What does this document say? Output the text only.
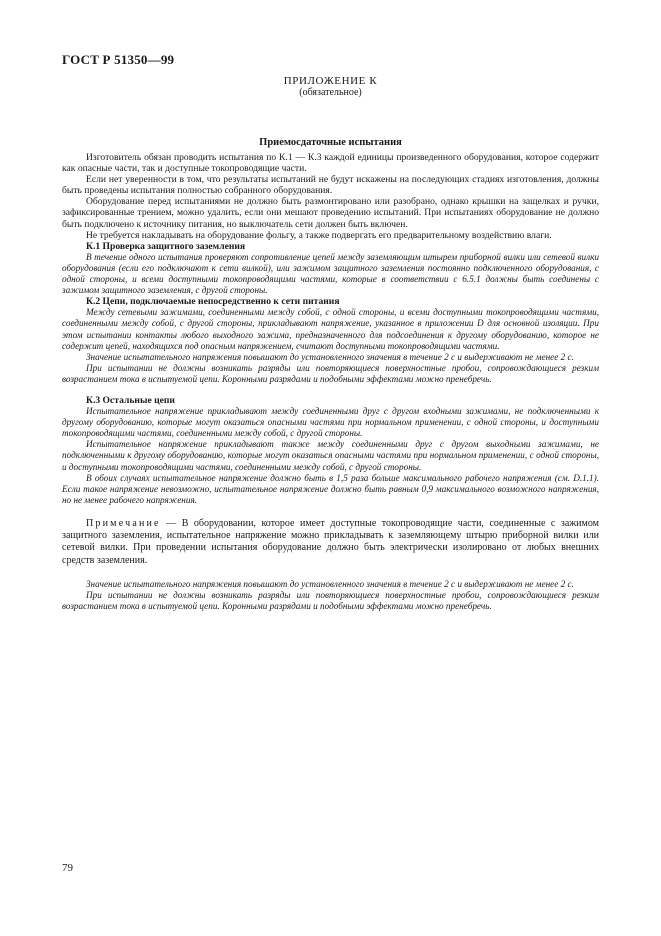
ГОСТ Р 51350—99
ПРИЛОЖЕНИЕ К
(обязательное)
Приемосдаточные испытания

Изготовитель обязан проводить испытания по К.1 — К.3 каждой единицы произведенного оборудования, которое содержит как опасные части, так и доступные токопроводящие части.

Если нет уверенности в том, что результаты испытаний не будут искажены на последующих стадиях изготовления, должны быть проведены испытания полностью собранного оборудования.

Оборудование перед испытаниями не должно быть размонтировано или разобрано, однако крышки на защелках и ручки, зафиксированные трением, можно удалить, если они мешают проведению испытаний. При испытаниях оборудование не должно быть подключено к источнику питания, но выключатель сети должен быть включен.

Не требуется накладывать на оборудование фольгу, а также подвергать его предварительному воздействию влаги.

К.1 Проверка защитного заземления

В течение одного испытания проверяют сопротивление цепей между заземляющим штырем приборной вилки или сетевой вилки оборудования (если его подключают к сети вилкой), или зажимом защитного заземления постоянно подключенного оборудования, с одной стороны, и всеми доступными токопроводящими частями, которые в соответствии с 6.5.1 должны быть соединены с зажимом защитного заземления, с другой стороны.

К.2 Цепи, подключаемые непосредственно к сети питания

Между сетевыми зажимами, соединенными между собой, с одной стороны, и всеми доступными токопроводящими частями, соединенными между собой, с другой стороны, прикладывают напряжение, указанное в приложении D для основной изоляции. При этом испытании контакты любого выходного зажима, предназначенного для подсоединения к другому оборудованию, которое не содержит цепей, находящихся под опасным напряжением, считают доступными токопроводящими частями.

Значение испытательного напряжения повышают до установленного значения в течение 2 с и выдерживают не менее 2 с.

При испытании не должны возникать разряды или повторяющиеся поверхностные пробои, сопровождающиеся резким возрастанием тока в испытуемой цепи. Коронными разрядами и подобными эффектами можно пренебречь.

К.3 Остальные цепи

Испытательное напряжение прикладывают между соединенными друг с другом входными зажимами, не подключенными к другому оборудованию, которые могут оказаться опасными частями при нормальном применении, с одной стороны, и доступными токопроводящими частями, соединенными между собой, с другой стороны.

Испытательное напряжение прикладывают также между соединенными друг с другом выходными зажимами, не подключенными к другому оборудованию, которые могут оказаться опасными частями при нормальном применении, с одной стороны, и доступными токопроводящими частями, соединенными между собой, с другой стороны.

В обоих случаях испытательное напряжение должно быть в 1,5 раза больше максимального рабочего напряжения (см. D.1.1). Если такое напряжение невозможно, испытательное напряжение должно быть равным 0,9 максимального возможного напряжения, но не менее рабочего напряжения.

Примечание — В оборудовании, которое имеет доступные токопроводящие части, соединенные с зажимом защитного заземления, испытательное напряжение можно прикладывать к заземляющему штырю приборной вилки или сетевой вилки. При проведении испытания оборудование должно быть электрически изолировано от любых внешних средств заземления.

Значение испытательного напряжения повышают до установленного значения в течение 2 с и выдерживают не менее 2 с.

При испытании не должны возникать разряды или повторяющиеся поверхностные пробои, сопровождающиеся резким возрастанием тока в испытуемой цепи. Коронными разрядами и подобными эффектами можно пренебречь.

79
